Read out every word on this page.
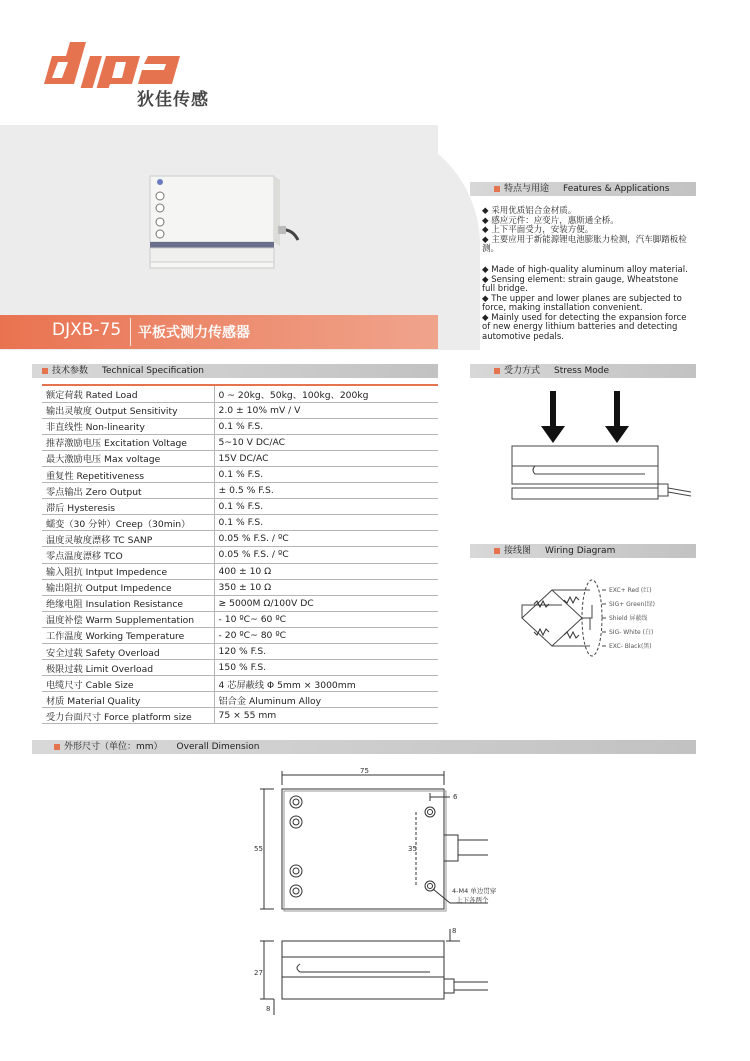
狄佳传感
DJXB-75 平板式测力传感器
特点与用途 Features & Applications
◆ 采用优质铝合金材质。
◆ 感应元件：应变片，惠斯通全桥。
◆ 上下平面受力，安装方便。
◆ 主要应用于新能源锂电池膨胀力检测，汽车脚踏板检
测。
◆ Made of high-quality aluminum alloy material.
◆ Sensing element: strain gauge, Wheatstone
full bridge.
◆ The upper and lower planes are subjected to
force, making installation convenient.
◆ Mainly used for detecting the expansion force
of new energy lithium batteries and detecting
automotive pedals.
技术参数 Technical Specification
额定荷载 Rated Load	0 ~ 20kg、50kg、100kg、200kg
输出灵敏度 Output Sensitivity	2.0 ± 10% mV / V
非直线性 Non-linearity	0.1 % F.S.
推荐激励电压 Excitation Voltage	5~10 V DC/AC
最大激励电压 Max voltage	15V DC/AC
重复性 Repetitiveness	0.1 % F.S.
零点输出 Zero Output	± 0.5 % F.S.
滞后 Hysteresis	0.1 % F.S.
蠕变（30 分钟）Creep（30min）	0.1 % F.S.
温度灵敏度漂移 TC SANP	0.05 % F.S. / ºC
零点温度漂移 TCO	0.05 % F.S. / ºC
输入阻抗 Intput Impedence	400 ± 10 Ω
输出阻抗 Output Impedence	350 ± 10 Ω
绝缘电阻 Insulation Resistance	≥ 5000M Ω/100V DC
温度补偿 Warm Supplementation	- 10 ºC~ 60 ºC
工作温度 Working Temperature	- 20 ºC~ 80 ºC
安全过载 Safety Overload	120 % F.S.
极限过载 Limit Overload	150 % F.S.
电缆尺寸 Cable Size	4 芯屏蔽线 Φ 5mm × 3000mm
材质 Material Quality	铝合金 Aluminum Alloy
受力台面尺寸 Force platform size	75 × 55 mm
受力方式 Stress Mode
接线图 Wiring Diagram
EXC+ Red (红)
SIG+ Green(绿)
Shield 屏蔽线
SIG- White (白)
EXC- Black(黑)
外形尺寸（单位：mm） Overall Dimension
75
6
55	35
27
8
8
4-M4 单边贯穿
上下各两个
